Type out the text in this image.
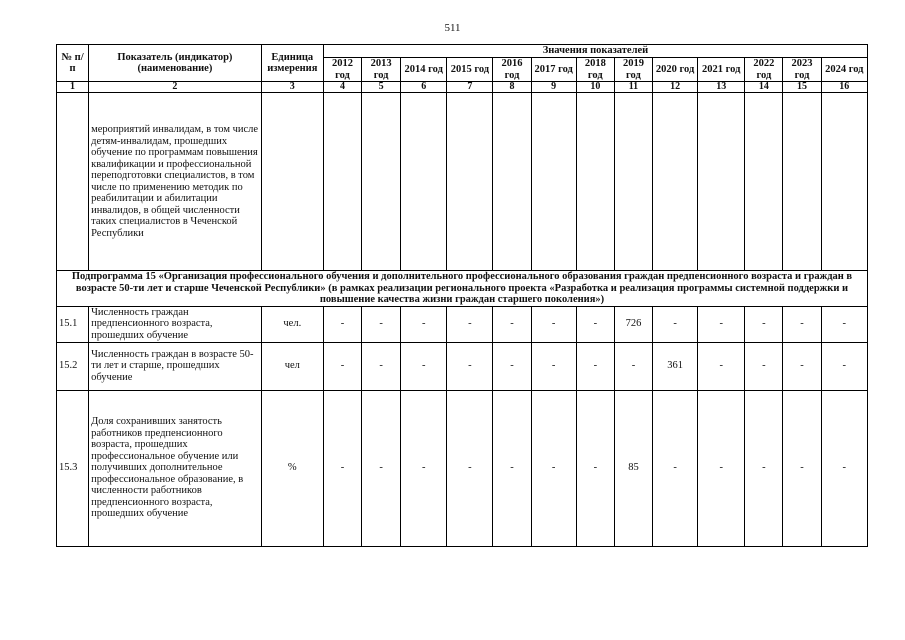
511
№ п/п	Показатель (индикатор) (наименование)	Единица измерения	Значения показателей												
			2012 год	2013 год	2014 год	2015 год	2016 год	2017 год	2018 год	2019 год	2020 год	2021 год	2022 год	2023 год	2024 год
1	2	3	4	5	6	7	8	9	10	11	12	13	14	15	16
	мероприятий инвалидам, в том числе детям-инвалидам, прошедших обучение по программам повышения квалификации и профессиональной переподготовки специалистов, в том числе по применению методик по реабилитации и абилитации инвалидов, в общей численности таких специалистов в Чеченской Республики														
Подпрограмма 15 «Организация профессионального обучения и дополнительного профессионального образования граждан предпенсионного возраста и граждан в возрасте 50-ти лет и старше Чеченской Республики» (в рамках реализации регионального проекта «Разработка и реализация программы системной поддержки и повышение качества жизни граждан старшего поколения»)															
15.1	Численность граждан предпенсионного возраста, прошедших обучение	чел.	-	-	-	-	-	-	-	726	-	-	-	-	-
15.2	Численность граждан в возрасте 50-ти лет и старше, прошедших обучение	чел	-	-	-	-	-	-	-	-	361	-	-	-	-
15.3	Доля сохранивших занятость работников предпенсионного возраста, прошедших профессиональное обучение или получивших дополнительное профессиональное образование, в численности работников предпенсионного возраста, прошедших обучение	%	-	-	-	-	-	-	-	85	-	-	-	-	-
